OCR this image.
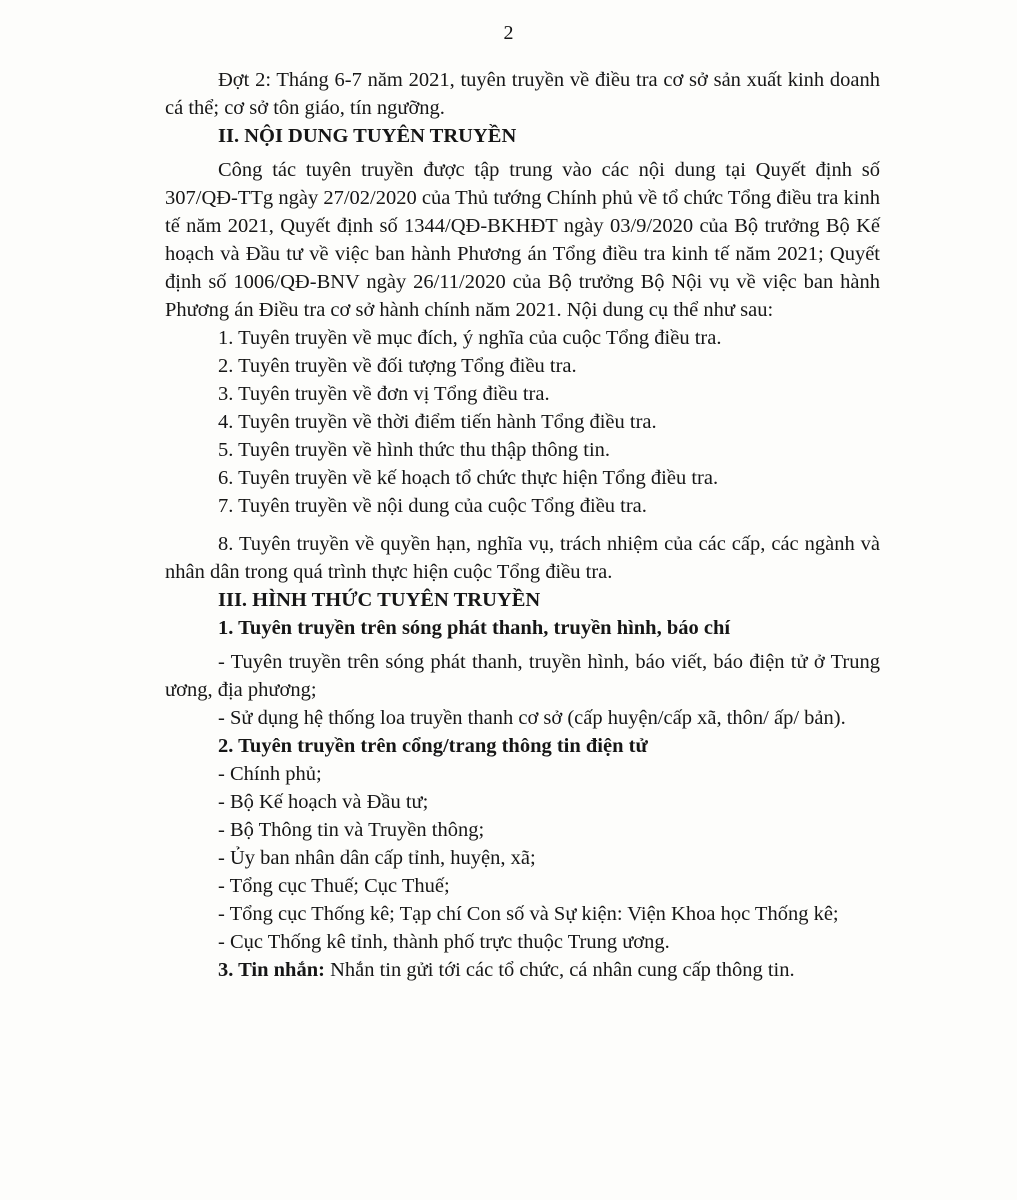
2

Đợt 2: Tháng 6-7 năm 2021, tuyên truyền về điều tra cơ sở sản xuất kinh doanh cá thể; cơ sở tôn giáo, tín ngưỡng.

II. NỘI DUNG TUYÊN TRUYỀN

Công tác tuyên truyền được tập trung vào các nội dung tại Quyết định số 307/QĐ-TTg ngày 27/02/2020 của Thủ tướng Chính phủ về tổ chức Tổng điều tra kinh tế năm 2021, Quyết định số 1344/QĐ-BKHĐT ngày 03/9/2020 của Bộ trưởng Bộ Kế hoạch và Đầu tư về việc ban hành Phương án Tổng điều tra kinh tế năm 2021; Quyết định số 1006/QĐ-BNV ngày 26/11/2020 của Bộ trưởng Bộ Nội vụ về việc ban hành Phương án Điều tra cơ sở hành chính năm 2021. Nội dung cụ thể như sau:

1. Tuyên truyền về mục đích, ý nghĩa của cuộc Tổng điều tra.

2. Tuyên truyền về đối tượng Tổng điều tra.

3. Tuyên truyền về đơn vị Tổng điều tra.

4. Tuyên truyền về thời điểm tiến hành Tổng điều tra.

5. Tuyên truyền về hình thức thu thập thông tin.

6. Tuyên truyền về kế hoạch tổ chức thực hiện Tổng điều tra.

7. Tuyên truyền về nội dung của cuộc Tổng điều tra.

8. Tuyên truyền về quyền hạn, nghĩa vụ, trách nhiệm của các cấp, các ngành và nhân dân trong quá trình thực hiện cuộc Tổng điều tra.

III. HÌNH THỨC TUYÊN TRUYỀN

1. Tuyên truyền trên sóng phát thanh, truyền hình, báo chí

- Tuyên truyền trên sóng phát thanh, truyền hình, báo viết, báo điện tử ở Trung ương, địa phương;

- Sử dụng hệ thống loa truyền thanh cơ sở (cấp huyện/cấp xã, thôn/ ấp/ bản).

2. Tuyên truyền trên cổng/trang thông tin điện tử

- Chính phủ;

- Bộ Kế hoạch và Đầu tư;

- Bộ Thông tin và Truyền thông;

- Ủy ban nhân dân cấp tỉnh, huyện, xã;

- Tổng cục Thuế; Cục Thuế;

- Tổng cục Thống kê; Tạp chí Con số và Sự kiện: Viện Khoa học Thống kê;

- Cục Thống kê tỉnh, thành phố trực thuộc Trung ương.

3. Tin nhắn: Nhắn tin gửi tới các tổ chức, cá nhân cung cấp thông tin.
